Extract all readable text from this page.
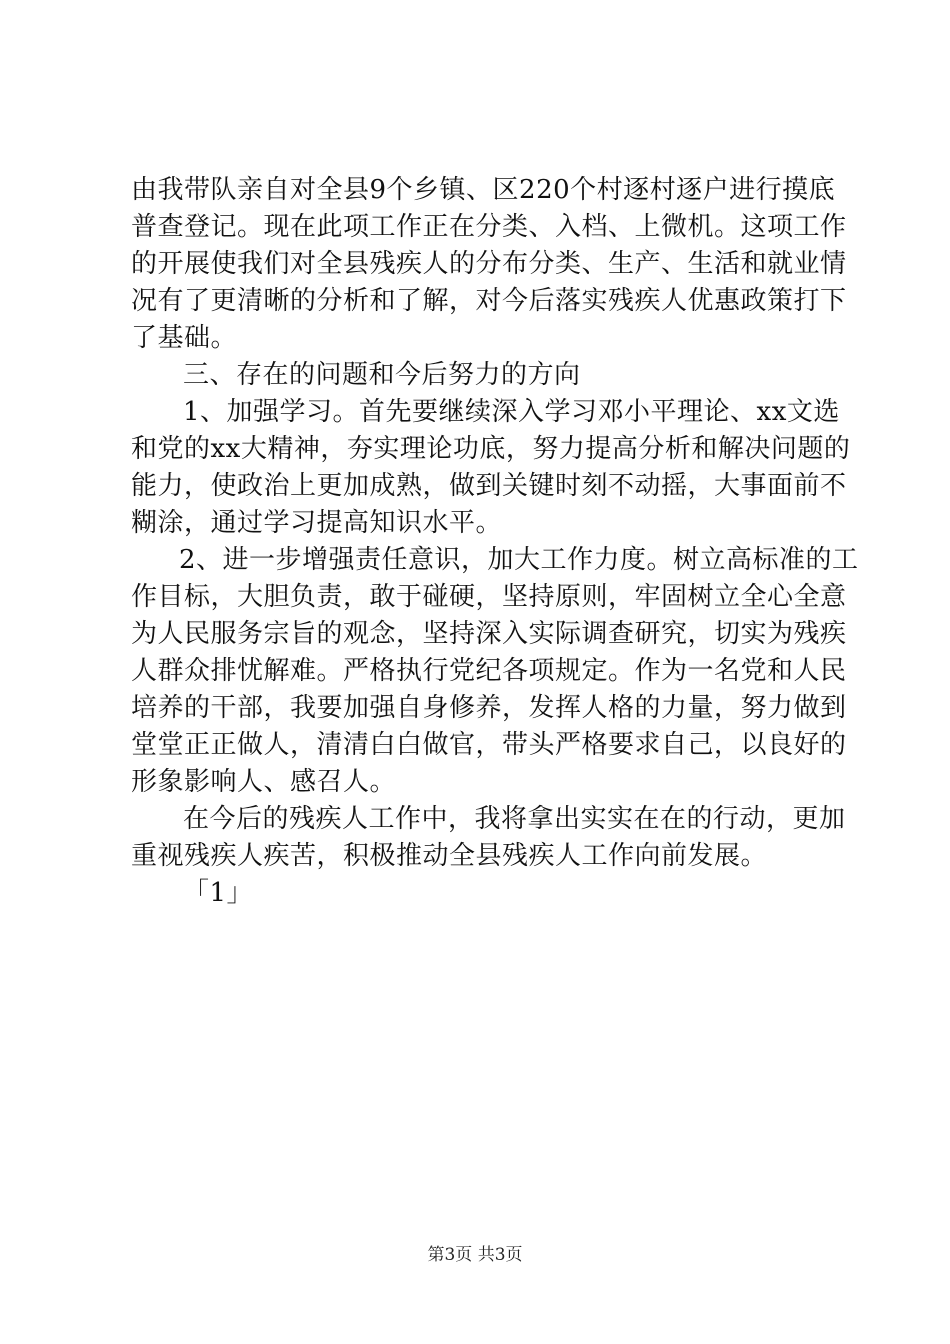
由我带队亲自对全县9个乡镇、区220个村逐村逐户进行摸底
普查登记。现在此项工作正在分类、入档、上微机。这项工作
的开展使我们对全县残疾人的分布分类、生产、生活和就业情
况有了更清晰的分析和了解，对今后落实残疾人优惠政策打下
了基础。
三、存在的问题和今后努力的方向
1、加强学习。首先要继续深入学习邓小平理论、xx文选
和党的xx大精神，夯实理论功底，努力提高分析和解决问题的
能力，使政治上更加成熟，做到关键时刻不动摇，大事面前不
糊涂，通过学习提高知识水平。
2、进一步增强责任意识，加大工作力度。树立高标准的工
作目标，大胆负责，敢于碰硬，坚持原则，牢固树立全心全意
为人民服务宗旨的观念，坚持深入实际调查研究，切实为残疾
人群众排忧解难。严格执行党纪各项规定。作为一名党和人民
培养的干部，我要加强自身修养，发挥人格的力量，努力做到
堂堂正正做人，清清白白做官，带头严格要求自己，以良好的
形象影响人、感召人。
在今后的残疾人工作中，我将拿出实实在在的行动，更加
重视残疾人疾苦，积极推动全县残疾人工作向前发展。
「1」
第3页 共3页
